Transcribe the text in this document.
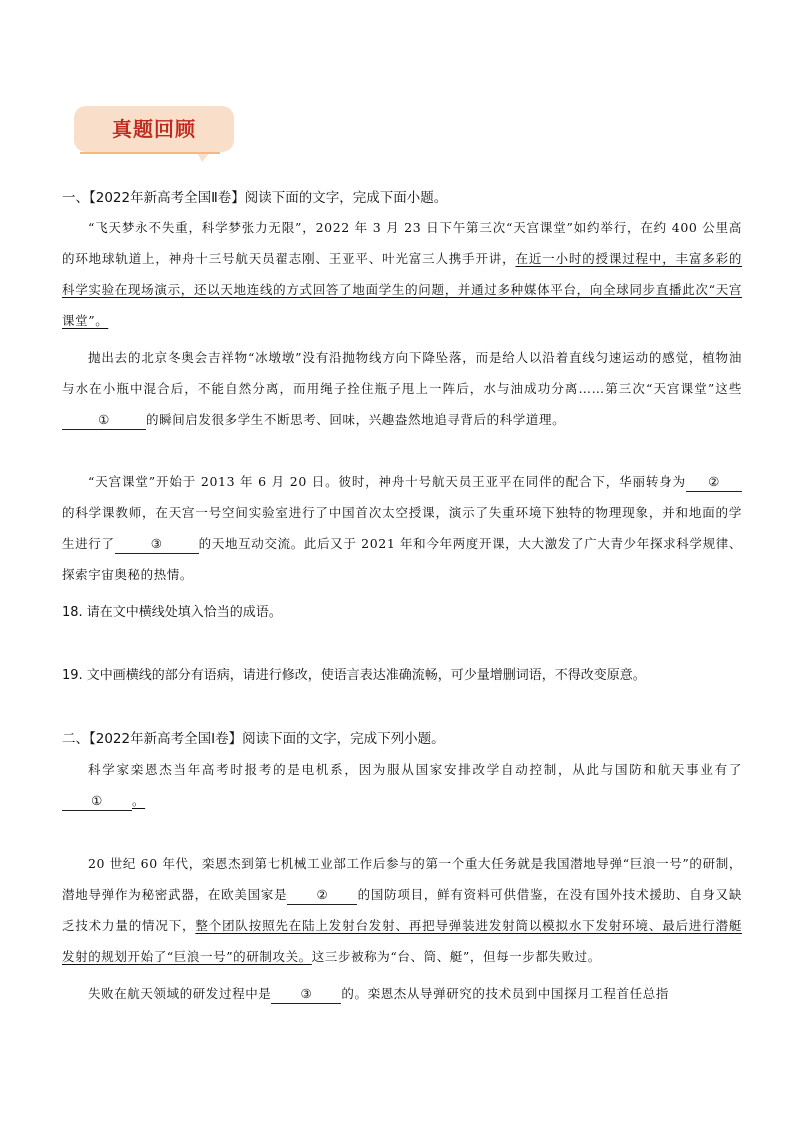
真题回顾
一、【2022年新高考全国Ⅱ卷】阅读下面的文字，完成下面小题。
“飞天梦永不失重，科学梦张力无限”，2022 年 3 月 23 日下午第三次“天宫课堂”如约举行，在约 400 公里高的环地球轨道上，神舟十三号航天员翟志刚、王亚平、叶光富三人携手开讲，在近一小时的授课过程中，丰富多彩的科学实验在现场演示，还以天地连线的方式回答了地面学生的问题，并通过多种媒体平台，向全球同步直播此次“天宫课堂”。
抛出去的北京冬奥会吉祥物“冰墩墩”没有沿抛物线方向下降坠落，而是给人以沿着直线匀速运动的感觉，植物油与水在小瓶中混合后，不能自然分离，而用绳子拴住瓶子甩上一阵后，水与油成功分离……第三次“天宫课堂”这些①	的瞬间启发很多学生不断思考、回味，兴趣盎然地追寻背后的科学道理。
“天宫课堂”开始于 2013 年 6 月 20 日。彼时，神舟十号航天员王亚平在同伴的配合下，华丽转身为 ②的科学课教师，在天宫一号空间实验室进行了中国首次太空授课，演示了失重环境下独特的物理现象，并和地面的学生进行了	③	的天地互动交流。此后又于 2021 年和今年两度开课，大大激发了广大青少年探求科学规律、探索宇宙奥秘的热情。
18. 请在文中横线处填入恰当的成语。
19. 文中画横线的部分有语病，请进行修改，使语言表达准确流畅，可少量增删词语，不得改变原意。
二、【2022年新高考全国Ⅰ卷】阅读下面的文字，完成下列小题。
科学家栾恩杰当年高考时报考的是电机系，因为服从国家安排改学自动控制，从此与国防和航天事业有了① 。
20 世纪 60 年代，栾恩杰到第七机械工业部工作后参与的第一个重大任务就是我国潜地导弹“巨浪一号”的研制，潜地导弹作为秘密武器，在欧美国家是 ② 的国防项目，鲜有资料可供借鉴，在没有国外技术援助、自身又缺乏技术力量的情况下，整个团队按照先在陆上发射台发射、再把导弹装进发射筒以模拟水下发射环境、最后进行潜艇发射的规划开始了“巨浪一号”的研制攻关。这三步被称为“台、筒、艇”，但每一步都失败过。
失败在航天领域的研发过程中是 ③ 的。栾恩杰从导弹研究的技术员到中国探月工程首任总指
